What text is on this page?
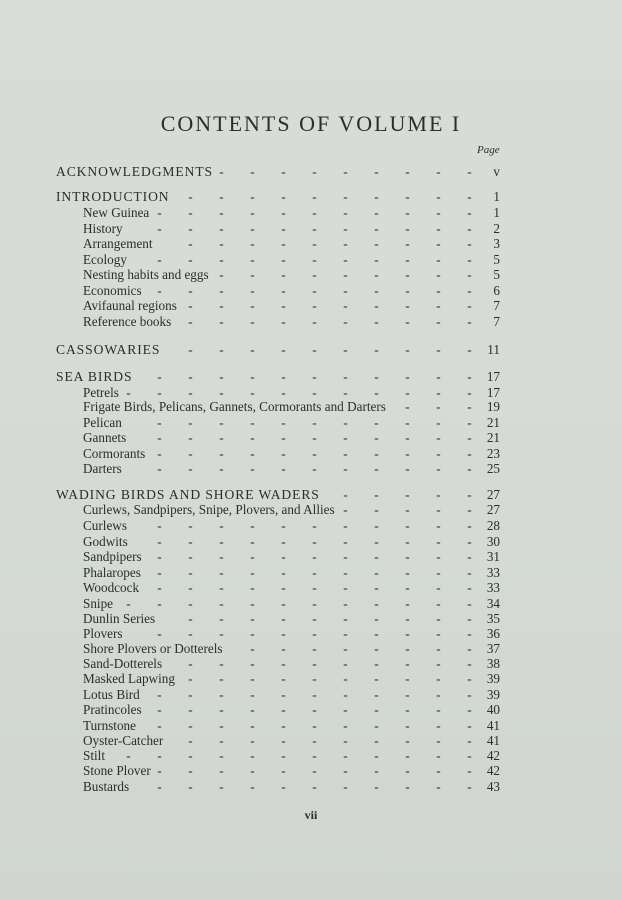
CONTENTS OF VOLUME I
Page
- - - - - - - - -
ACKNOWLEDGMENTS	v
- - - - - - - - - -
INTRODUCTION	1
- - - - - - - - - - -
New Guinea	1
- - - - - - - - - - -
History	2
- - - - - - - - - -
Arrangement	3
- - - - - - - - - - -
Ecology	5
- - - - - - - - -
Nesting habits and eggs	5
- - - - - - - - - - -
Economics	6
- - - - - - - - - -
Avifaunal regions	7
- - - - - - - - - -
Reference books	7
- - - - - - - - - -
CASSOWARIES	11
- - - - - - - - - - -
SEA BIRDS	17
- - - - - - - - - - - -
Petrels	17
- - -
Frigate Birds, Pelicans, Gannets, Cormorants and Darters	19
- - - - - - - - - - -
Pelican	21
- - - - - - - - - - -
Gannets	21
- - - - - - - - - - -
Cormorants	23
- - - - - - - - - - -
Darters	25
- - - - -
WADING BIRDS AND SHORE WADERS	27
- - - - -
Curlews, Sandpipers, Snipe, Plovers, and Allies	27
- - - - - - - - - - -
Curlews	28
- - - - - - - - - - -
Godwits	30
- - - - - - - - - - -
Sandpipers	31
- - - - - - - - - - -
Phalaropes	33
- - - - - - - - - - -
Woodcock	33
- - - - - - - - - - - -
Snipe	34
- - - - - - - - - -
Dunlin Series	35
- - - - - - - - - - -
Plovers	36
- - - - - - - -
Shore Plovers or Dotterels	37
- - - - - - - - - -
Sand-Dotterels	38
- - - - - - - - - -
Masked Lapwing	39
- - - - - - - - - - -
Lotus Bird	39
- - - - - - - - - - -
Pratincoles	40
- - - - - - - - - - -
Turnstone	41
- - - - - - - - - -
Oyster-Catcher	41
- - - - - - - - - - - -
Stilt	42
- - - - - - - - - - -
Stone Plover	42
- - - - - - - - - - -
Bustards	43
vii
